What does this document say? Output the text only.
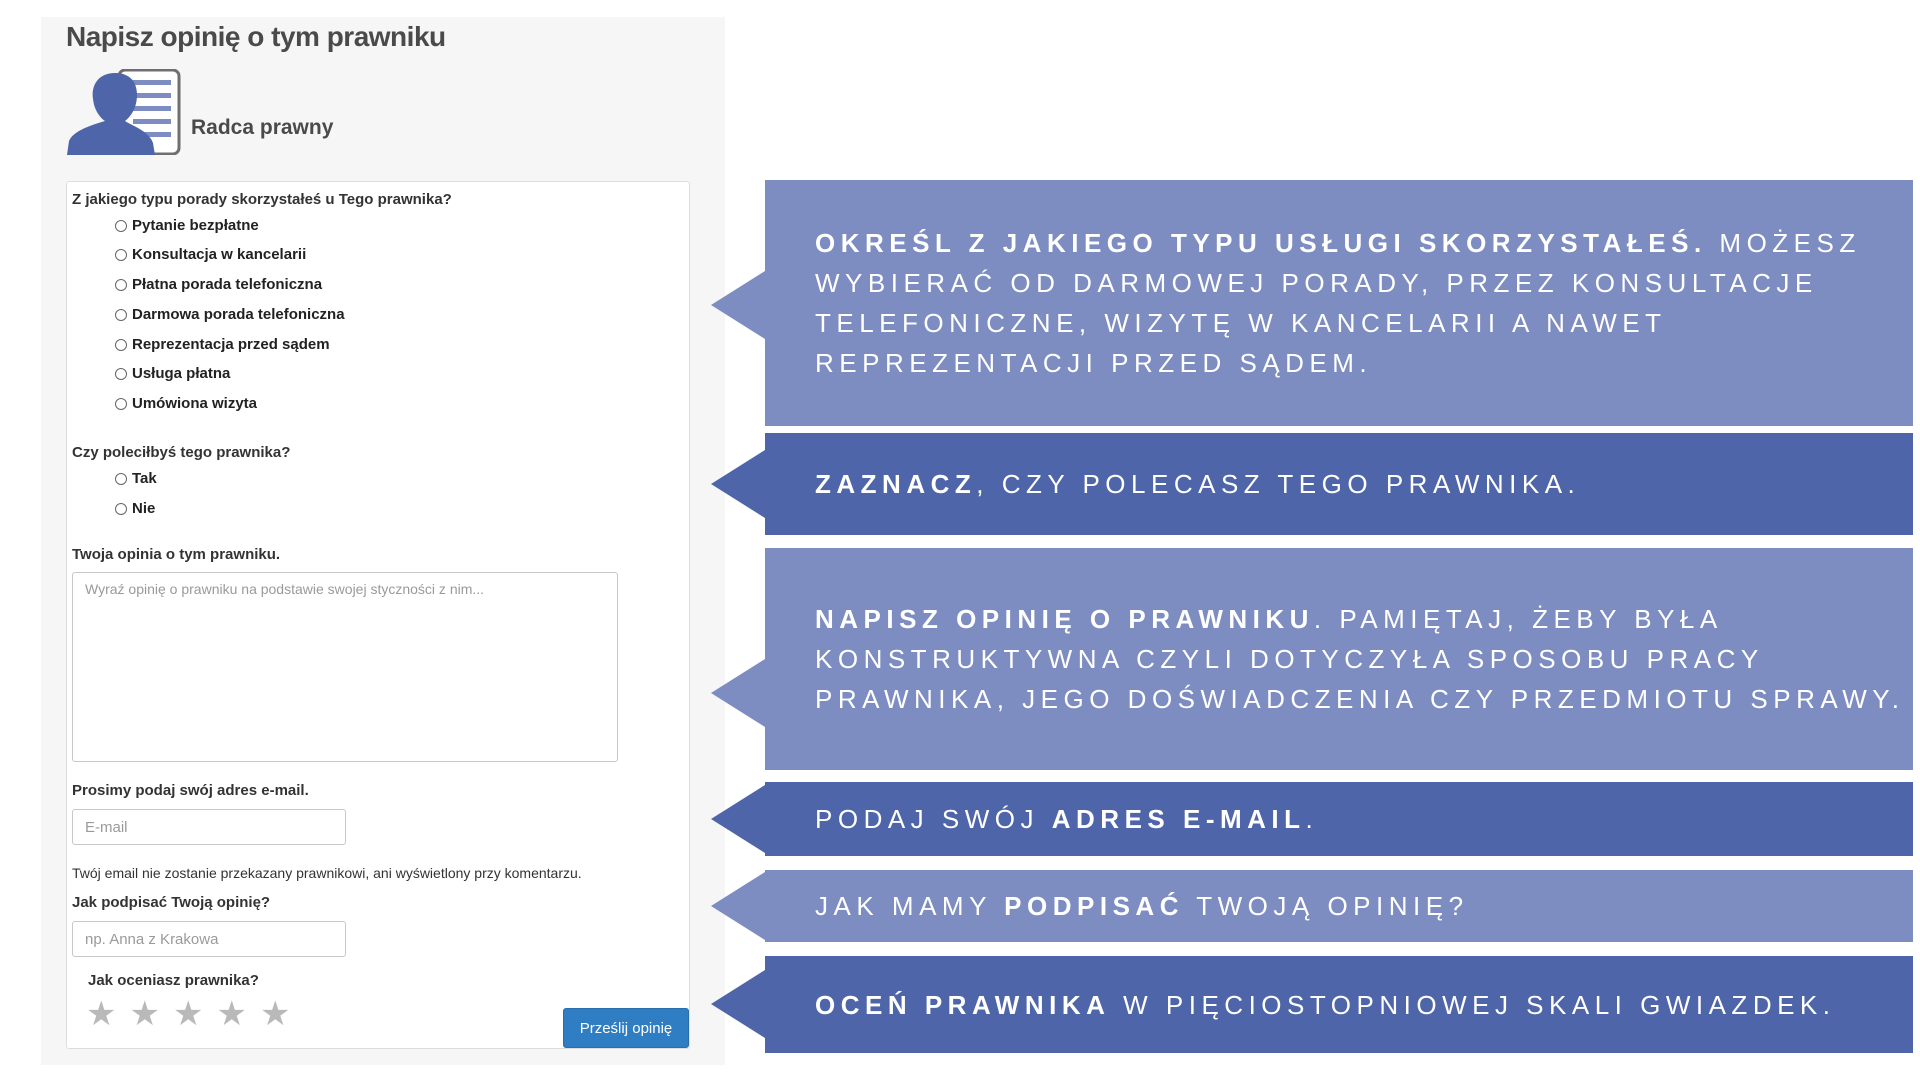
Napisz opinię o tym prawniku
Radca prawny
Z jakiego typu porady skorzystałeś u Tego prawnika?
Pytanie bezpłatne
Konsultacja w kancelarii
Płatna porada telefoniczna
Darmowa porada telefoniczna
Reprezentacja przed sądem
Usługa płatna
Umówiona wizyta
Czy poleciłbyś tego prawnika?
Tak
Nie
Twoja opinia o tym prawniku.
Wyraź opinię o prawniku na podstawie swojej styczności z nim...
Prosimy podaj swój adres e-mail.
E-mail
Twój email nie zostanie przekazany prawnikowi, ani wyświetlony przy komentarzu.
Jak podpisać Twoją opinię?
np. Anna z Krakowa
Jak oceniasz prawnika?
★ ★ ★ ★ ★	Prześlij opinię
OKREŚL Z JAKIEGO TYPU USŁUGI SKORZYSTAŁEŚ. MOŻESZ WYBIERAĆ OD DARMOWEJ PORADY, PRZEZ KONSULTACJE TELEFONICZNE, WIZYTĘ W KANCELARII A NAWET REPREZENTACJI PRZED SĄDEM.
ZAZNACZ, CZY POLECASZ TEGO PRAWNIKA.
NAPISZ OPINIĘ O PRAWNIKU. PAMIĘTAJ, ŻEBY BYŁA KONSTRUKTYWNA CZYLI DOTYCZYŁA SPOSOBU PRACY PRAWNIKA, JEGO DOŚWIADCZENIA CZY PRZEDMIOTU SPRAWY.
PODAJ SWÓJ ADRES E-MAIL.
JAK MAMY PODPISAĆ TWOJĄ OPINIĘ?
OCEŃ PRAWNIKA W PIĘCIOSTOPNIOWEJ SKALI GWIAZDEK.
